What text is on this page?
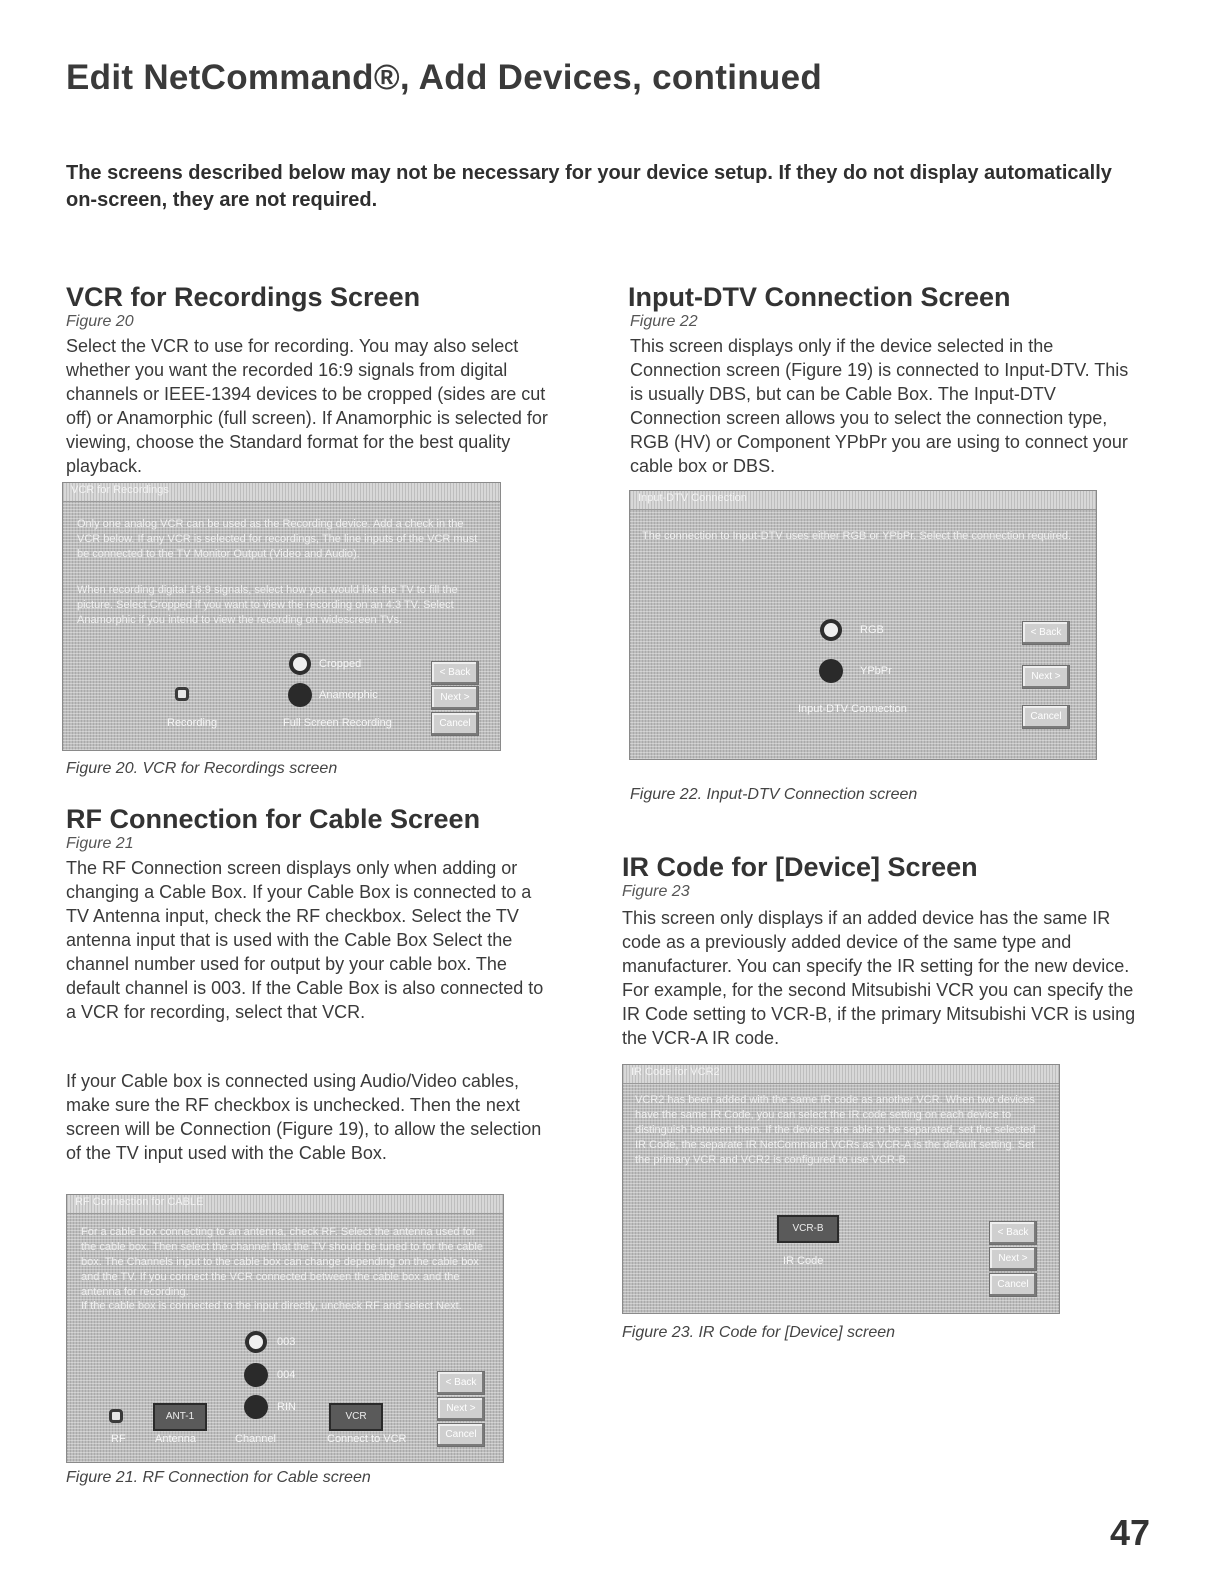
Edit NetCommand®, Add Devices, continued
The screens described below may not be necessary for your device setup. If they do not display automatically on-screen, they are not required.
VCR for Recordings Screen
Figure 20
Select the VCR to use for recording. You may also select whether you want the recorded 16:9 signals from digital channels or IEEE-1394 devices to be cropped (sides are cut off) or Anamorphic (full screen). If Anamorphic is selected for viewing, choose the Standard format for the best quality playback.
VCR for Recordings
Only one analog VCR can be used as the Recording device. Add a check in the VCR below. If any VCR is selected for recordings, The line inputs of the VCR must be connected to the TV Monitor Output (Video and Audio).
When recording digital 16:9 signals, select how you would like the TV to fill the picture. Select Cropped if you want to view the recording on an 4:3 TV. Select Anamorphic if you intend to view the recording on widescreen TVs.
Cropped
Anamorphic
Recording	Full Screen Recording
< Back
Next >
Cancel
Figure 20. VCR for Recordings screen
RF Connection for Cable Screen
Figure 21
The RF Connection screen displays only when adding or changing a Cable Box. If your Cable Box is connected to a TV Antenna input, check the RF checkbox. Select the TV antenna input that is used with the Cable Box Select the channel number used for output by your cable box. The default channel is 003. If the Cable Box is also connected to a VCR for recording, select that VCR.
If your Cable box is connected using Audio/Video cables, make sure the RF checkbox is unchecked. Then the next screen will be Connection (Figure 19), to allow the selection of the TV input used with the Cable Box.
RF Connection for CABLE
For a cable box connecting to an antenna, check RF. Select the antenna used for the cable box. Then select the channel that the TV should be tuned to for the cable box. The Channels input to the cable box can change depending on the cable box and the TV. If you connect the VCR connected between the cable box and the antenna for recording.
If the cable box is connected to the input directly, uncheck RF and select Next.
003
004
RIN
RF
ANT-1
Antenna	Channel
VCR
Connect to VCR
< Back
Next >
Cancel
Figure 21. RF Connection for Cable screen
Input-DTV Connection Screen
Figure 22
This screen displays only if the device selected in the Connection screen (Figure 19) is connected to Input-DTV. This is usually DBS, but can be Cable Box. The Input-DTV Connection screen allows you to select the connection type, RGB (HV) or Component YPbPr you are using to connect your cable box or DBS.
Input-DTV Connection
The connection to Input-DTV uses either RGB or YPbPr. Select the connection required.
RGB
YPbPr
Input-DTV Connection
< Back
Next >
Cancel
Figure 22. Input-DTV Connection screen
IR Code for [Device] Screen
Figure 23
This screen only displays if an added device has the same IR code as a previously added device of the same type and manufacturer. You can specify the IR setting for the new device. For example, for the second Mitsubishi VCR you can specify the IR Code setting to VCR-B, if the primary Mitsubishi VCR is using the VCR-A IR code.
IR Code for VCR2
VCR2 has been added with the same IR code as another VCR. When two devices have the same IR Code, you can select the IR code setting on each device to distinguish between them. If the devices are able to be separated, set the selected IR Code, the separate IR NetCommand VCRs as VCR-A is the default setting. Set the primary VCR and VCR2 is configured to use VCR-B.
VCR-B
IR Code
< Back
Next >
Cancel
Figure 23. IR Code for [Device] screen
47
